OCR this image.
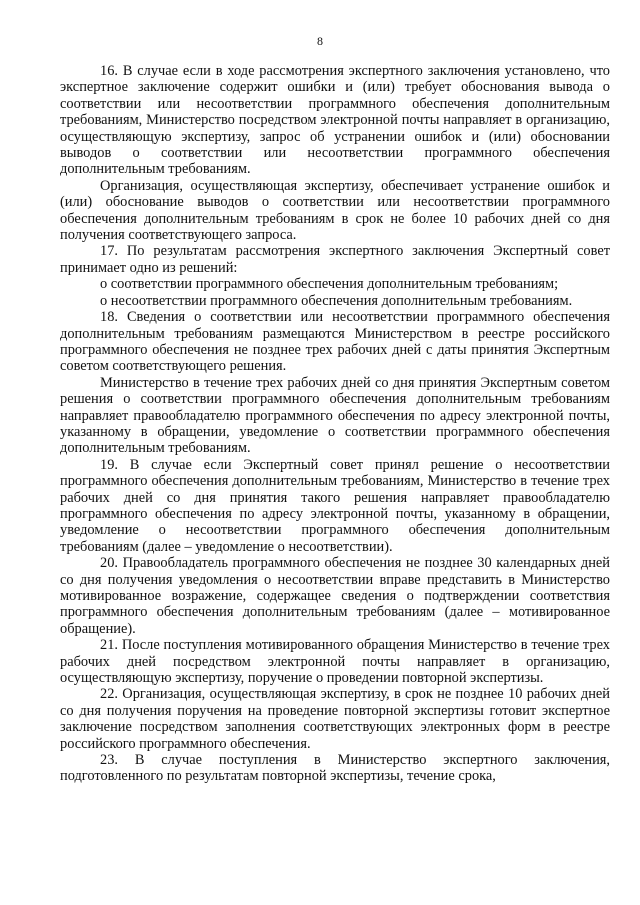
8

16. В случае если в ходе рассмотрения экспертного заключения установлено, что экспертное заключение содержит ошибки и (или) требует обоснования вывода о соответствии или несоответствии программного обеспечения дополнительным требованиям, Министерство посредством электронной почты направляет в организацию, осуществляющую экспертизу, запрос об устранении ошибок и (или) обосновании выводов о соответствии или несоответствии программного обеспечения дополнительным требованиям.

Организация, осуществляющая экспертизу, обеспечивает устранение ошибок и (или) обоснование выводов о соответствии или несоответствии программного обеспечения дополнительным требованиям в срок не более 10 рабочих дней со дня получения соответствующего запроса.

17. По результатам рассмотрения экспертного заключения Экспертный совет принимает одно из решений:

о соответствии программного обеспечения дополнительным требованиям;

о несоответствии программного обеспечения дополнительным требованиям.

18. Сведения о соответствии или несоответствии программного обеспечения дополнительным требованиям размещаются Министерством в реестре российского программного обеспечения не позднее трех рабочих дней с даты принятия Экспертным советом соответствующего решения.

Министерство в течение трех рабочих дней со дня принятия Экспертным советом решения о соответствии программного обеспечения дополнительным требованиям направляет правообладателю программного обеспечения по адресу электронной почты, указанному в обращении, уведомление о соответствии программного обеспечения дополнительным требованиям.

19. В случае если Экспертный совет принял решение о несоответствии программного обеспечения дополнительным требованиям, Министерство в течение трех рабочих дней со дня принятия такого решения направляет правообладателю программного обеспечения по адресу электронной почты, указанному в обращении, уведомление о несоответствии программного обеспечения дополнительным требованиям (далее – уведомление о несоответствии).

20. Правообладатель программного обеспечения не позднее 30 календарных дней со дня получения уведомления о несоответствии вправе представить в Министерство мотивированное возражение, содержащее сведения о подтверждении соответствия программного обеспечения дополнительным требованиям (далее – мотивированное обращение).

21. После поступления мотивированного обращения Министерство в течение трех рабочих дней посредством электронной почты направляет в организацию, осуществляющую экспертизу, поручение о проведении повторной экспертизы.

22. Организация, осуществляющая экспертизу, в срок не позднее 10 рабочих дней со дня получения поручения на проведение повторной экспертизы готовит экспертное заключение посредством заполнения соответствующих электронных форм в реестре российского программного обеспечения.

23. В случае поступления в Министерство экспертного заключения, подготовленного по результатам повторной экспертизы, течение срока,
